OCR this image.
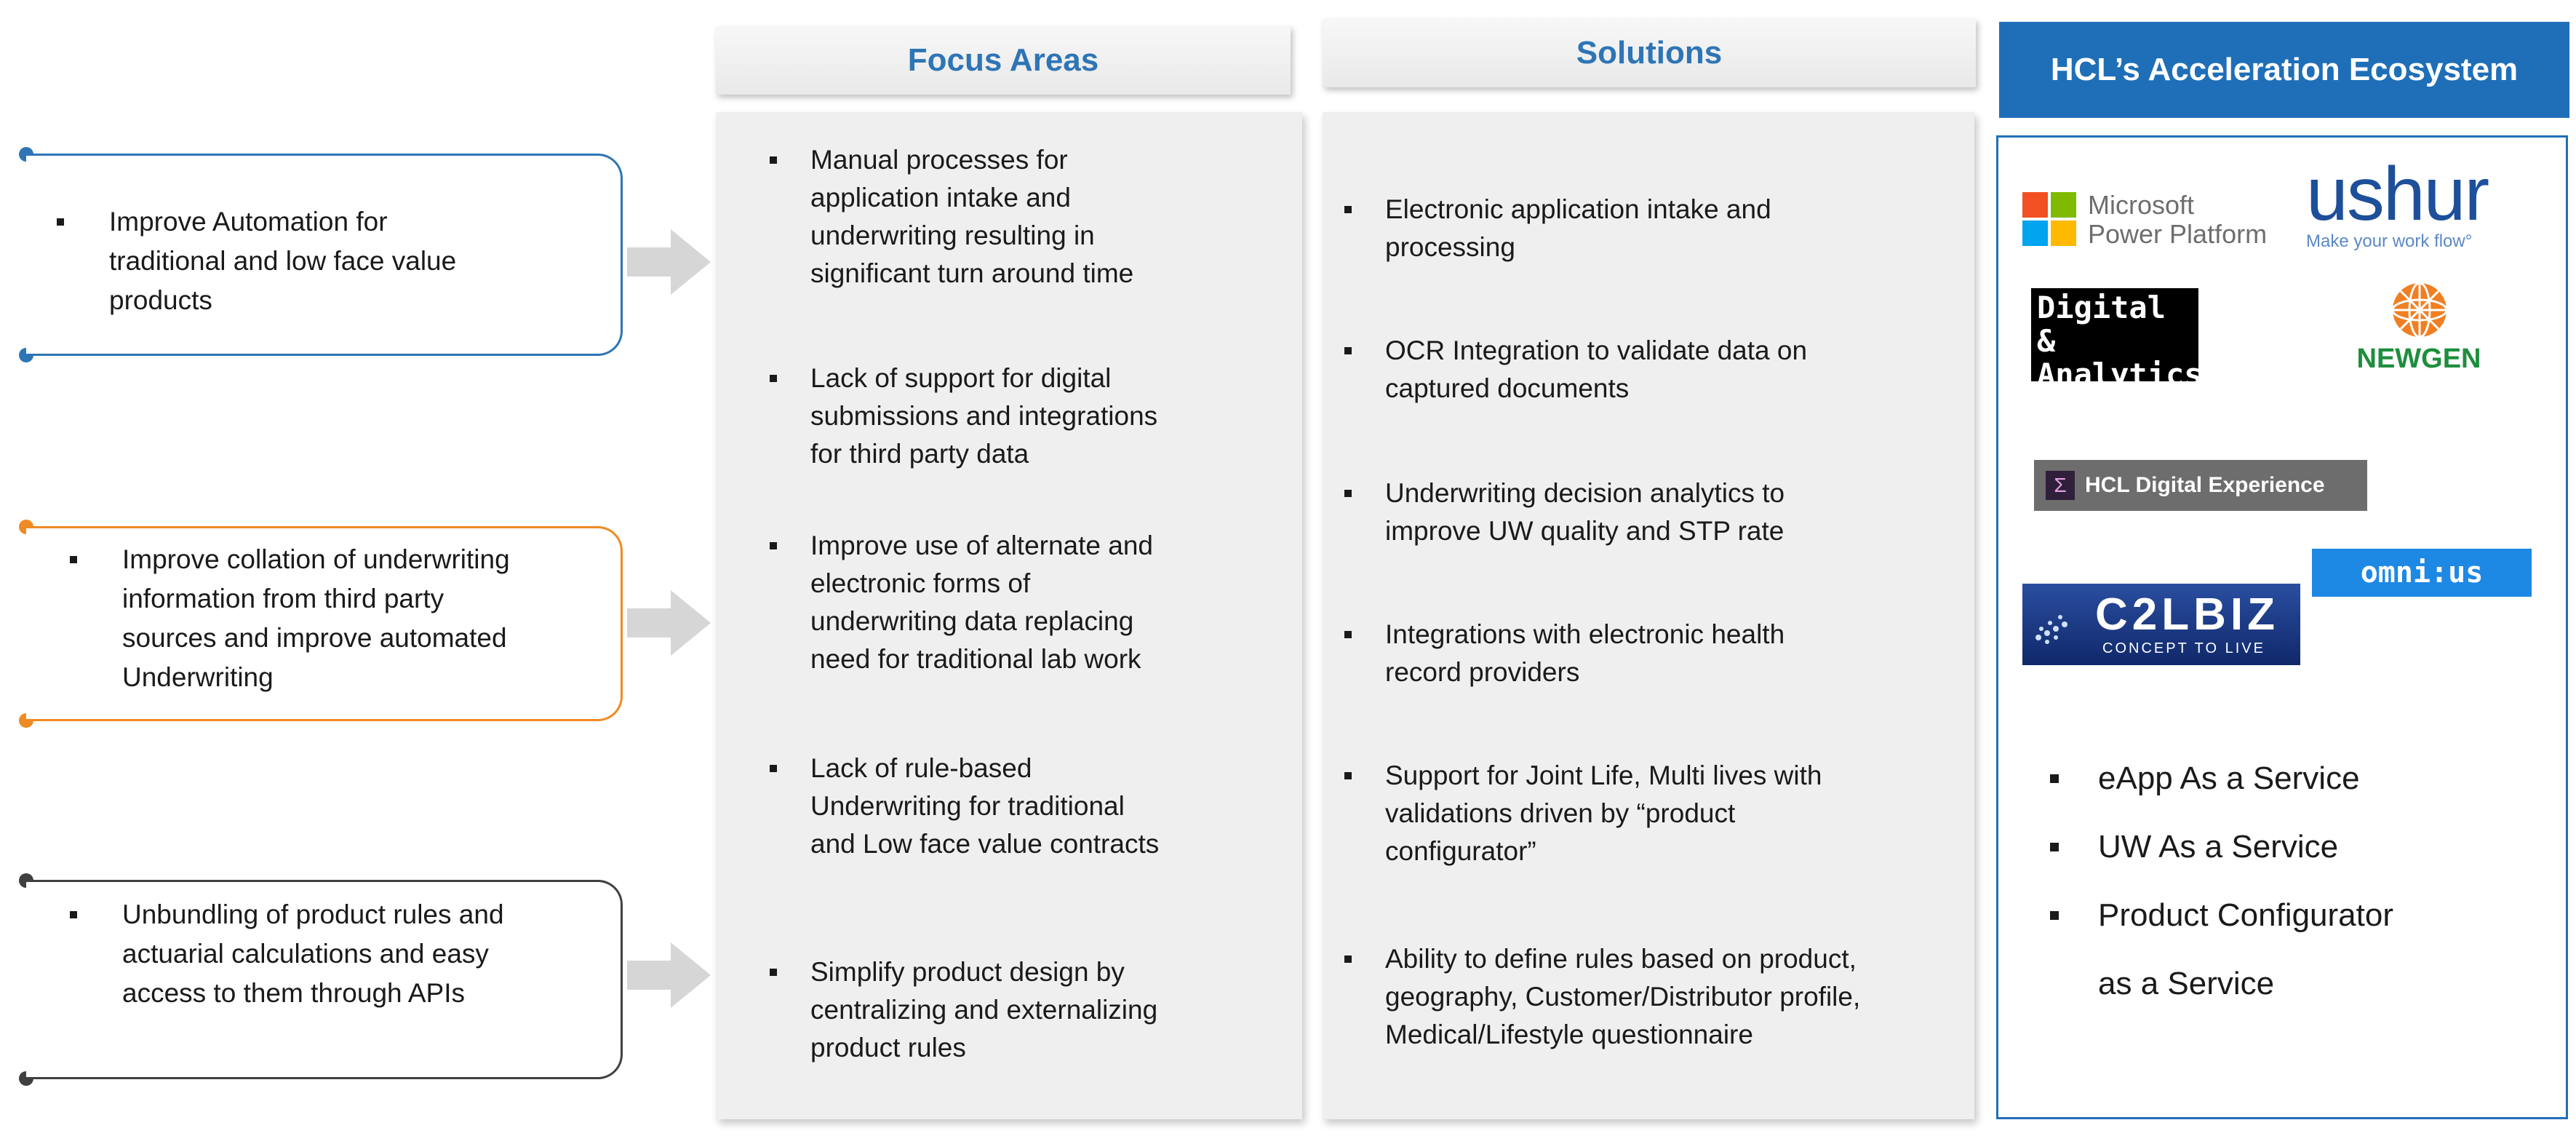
Improve Automation for
traditional and low face value
products
Improve collation of underwriting
information from third party
sources and improve automated
Underwriting
Unbundling of product rules and
actuarial calculations and easy
access to them through APIs
Focus Areas
Manual processes for
application intake and
underwriting resulting in
significant turn around time
Lack of support for digital
submissions and integrations
for third party data
Improve use of alternate and
electronic forms of
underwriting data replacing
need for traditional lab work
Lack of rule-based
Underwriting for traditional
and Low face value contracts
Simplify product design by
centralizing and externalizing
product rules
Solutions
Electronic application intake and
processing
OCR Integration to validate data on
captured documents
Underwriting decision analytics to
improve UW quality and STP rate
Integrations with electronic health
record providers
Support for Joint Life, Multi lives with
validations driven by “product
configurator”
Ability to define rules based on product,
geography, Customer/Distributor profile,
Medical/Lifestyle questionnaire
HCL’s Acceleration Ecosystem
Microsoft
Power Platform ushur
Make your work flow°
Digital &
Analytics
by HCL Technologies
NEWGEN
Σ HCL Digital Experience
omni:us
C2LBIZ
CONCEPT TO LIVE
eApp As a Service
UW As a Service
Product Configurator
as a Service
